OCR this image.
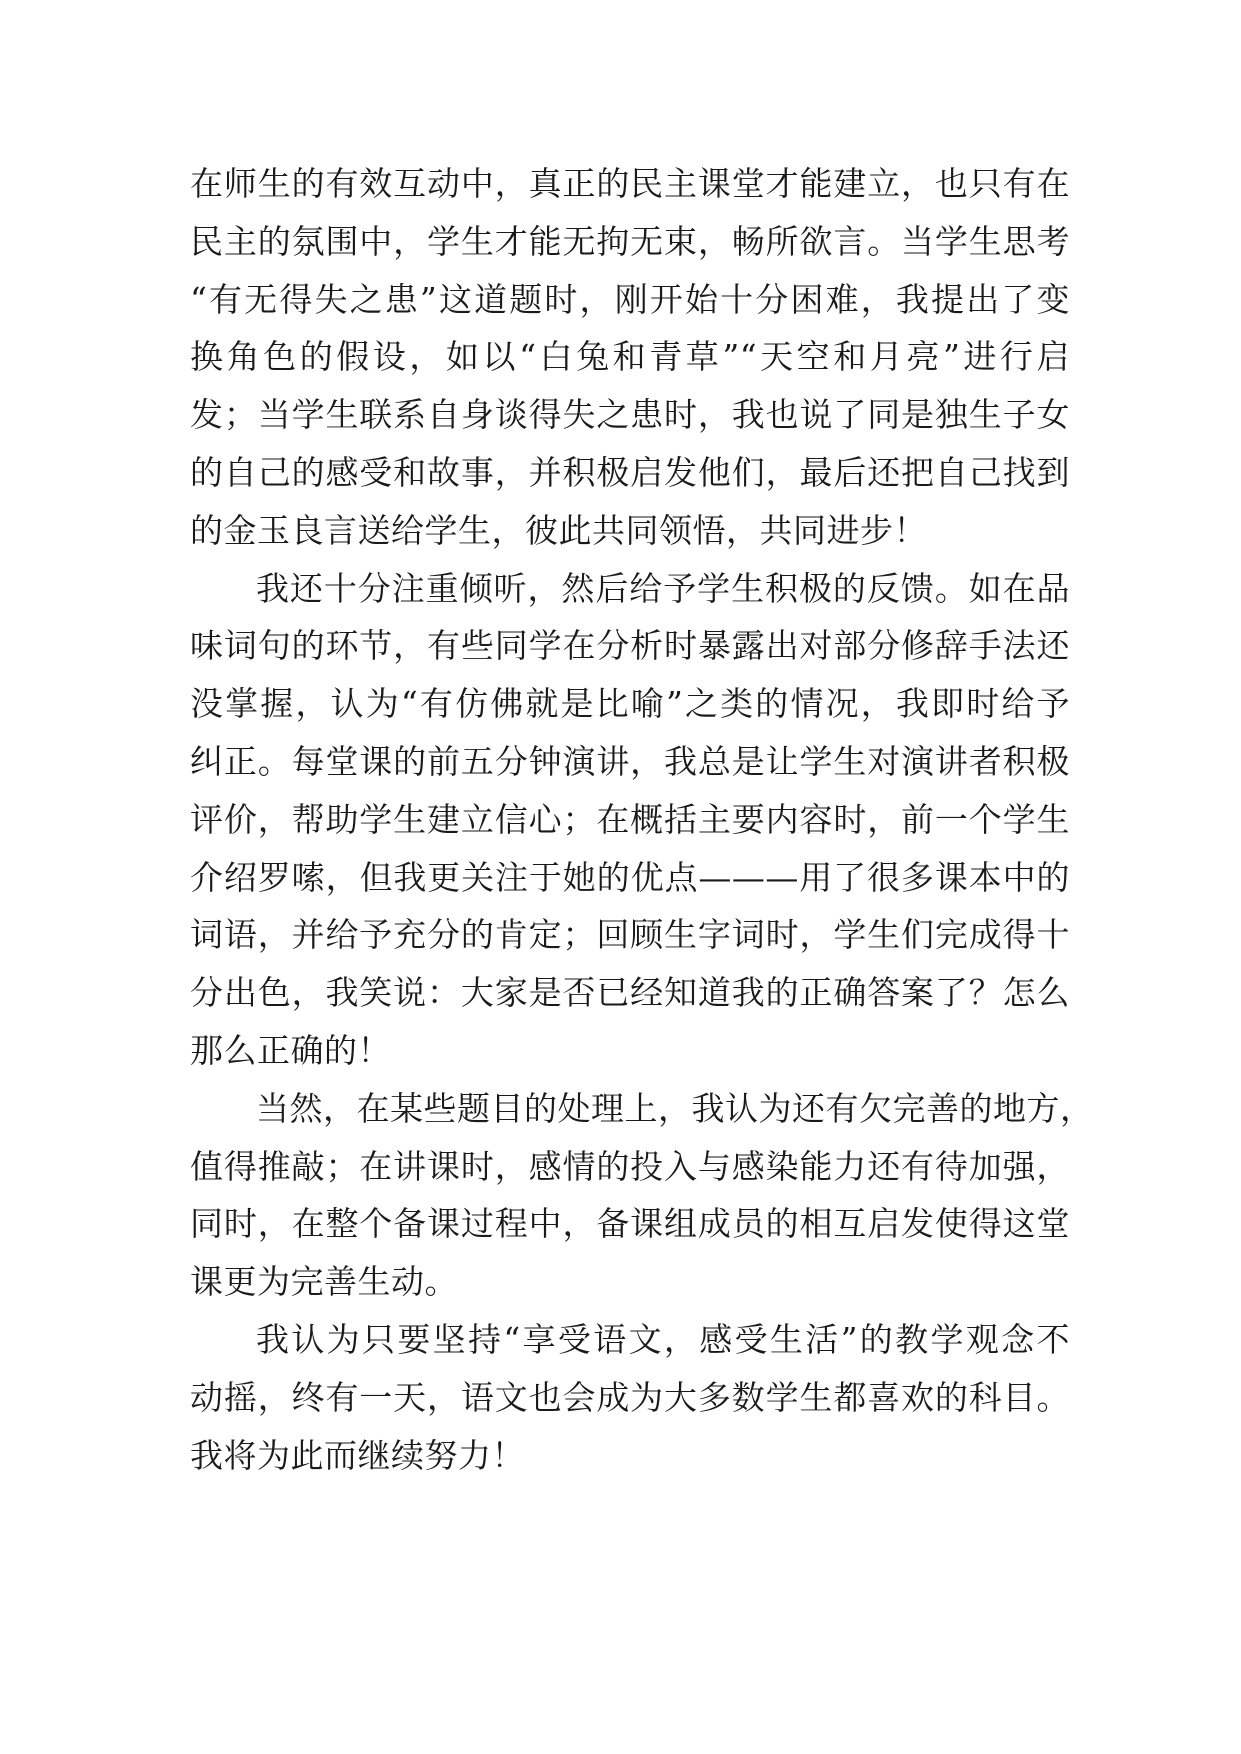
在师生的有效互动中，真正的民主课堂才能建立，也只有在
民主的氛围中，学生才能无拘无束，畅所欲言。当学生思考
“有无得失之患”这道题时，刚开始十分困难，我提出了变
换角色的假设，如以“白兔和青草”“天空和月亮”进行启
发；当学生联系自身谈得失之患时，我也说了同是独生子女
的自己的感受和故事，并积极启发他们，最后还把自己找到
的金玉良言送给学生，彼此共同领悟，共同进步！

我还十分注重倾听，然后给予学生积极的反馈。如在品
味词句的环节，有些同学在分析时暴露出对部分修辞手法还
没掌握，认为“有仿佛就是比喻”之类的情况，我即时给予
纠正。每堂课的前五分钟演讲，我总是让学生对演讲者积极
评价，帮助学生建立信心；在概括主要内容时，前一个学生
介绍罗嗦，但我更关注于她的优点———用了很多课本中的
词语，并给予充分的肯定；回顾生字词时，学生们完成得十
分出色，我笑说：大家是否已经知道我的正确答案了？怎么
那么正确的！

当然，在某些题目的处理上，我认为还有欠完善的地方，
值得推敲；在讲课时，感情的投入与感染能力还有待加强，
同时，在整个备课过程中，备课组成员的相互启发使得这堂
课更为完善生动。

我认为只要坚持“享受语文，感受生活”的教学观念不
动摇，终有一天，语文也会成为大多数学生都喜欢的科目。
我将为此而继续努力！
